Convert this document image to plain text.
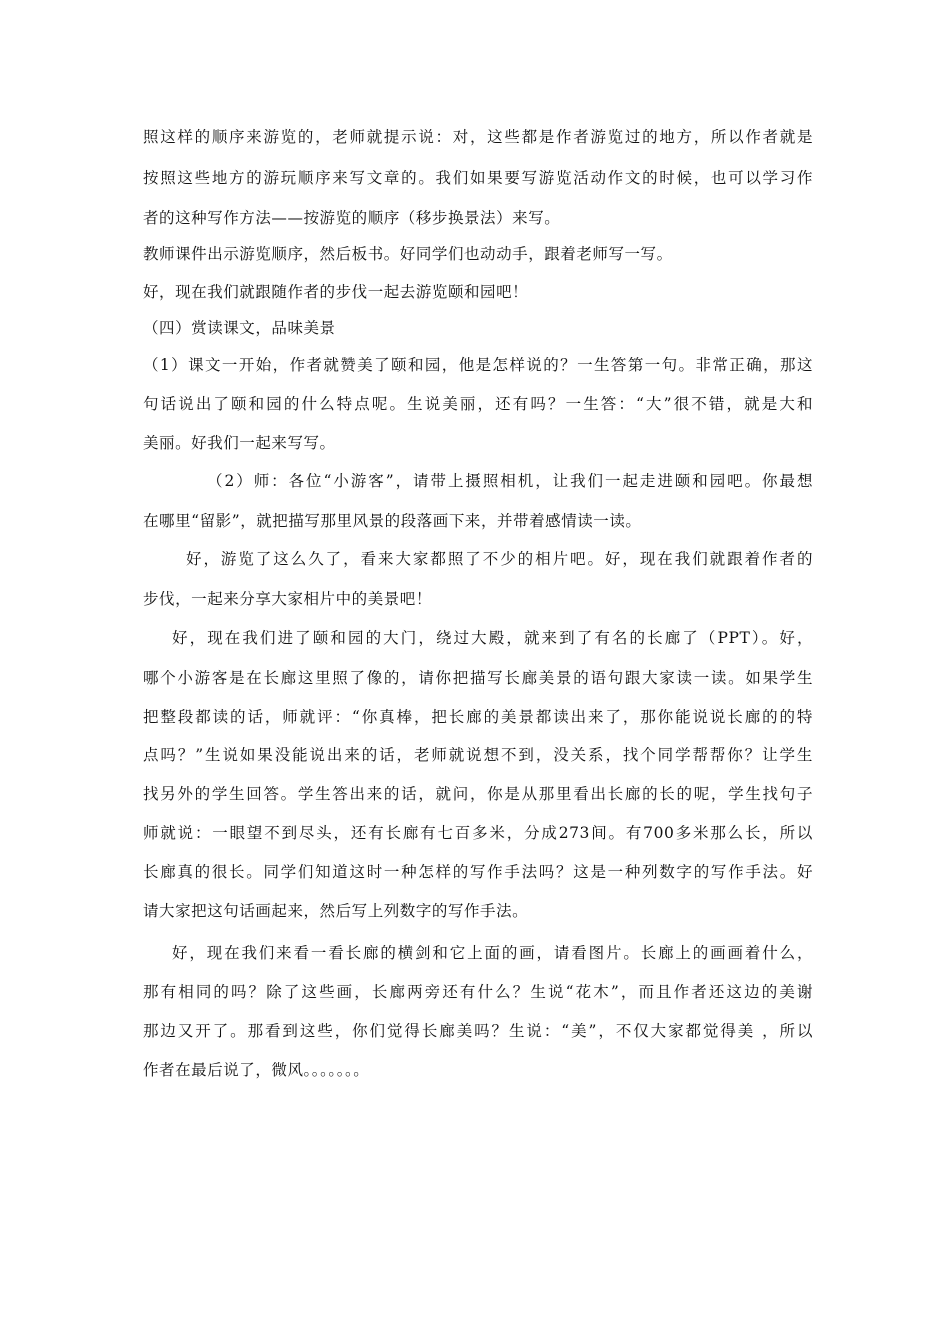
照这样的顺序来游览的，老师就提示说：对，这些都是作者游览过的地方，所以作者就是
按照这些地方的游玩顺序来写文章的。我们如果要写游览活动作文的时候，也可以学习作
者的这种写作方法——按游览的顺序（移步换景法）来写。
教师课件出示游览顺序，然后板书。好同学们也动动手，跟着老师写一写。
好，现在我们就跟随作者的步伐一起去游览颐和园吧！
（四）赏读课文，品味美景
（1）课文一开始，作者就赞美了颐和园，他是怎样说的？一生答第一句。非常正确，那这
句话说出了颐和园的什么特点呢。生说美丽，还有吗？一生答：“大”很不错，就是大和
美丽。好我们一起来写写。
（2）师：各位“小游客”，请带上摄照相机，让我们一起走进颐和园吧。你最想
在哪里“留影”，就把描写那里风景的段落画下来，并带着感情读一读。
好，游览了这么久了，看来大家都照了不少的相片吧。好，现在我们就跟着作者的
步伐，一起来分享大家相片中的美景吧！
好，现在我们进了颐和园的大门，绕过大殿，就来到了有名的长廊了（PPT）。好，
哪个小游客是在长廊这里照了像的，请你把描写长廊美景的语句跟大家读一读。如果学生
把整段都读的话，师就评：“你真棒，把长廊的美景都读出来了，那你能说说长廊的的特
点吗？”生说如果没能说出来的话，老师就说想不到，没关系，找个同学帮帮你？让学生
找另外的学生回答。学生答出来的话，就问，你是从那里看出长廊的长的呢，学生找句子
师就说：一眼望不到尽头，还有长廊有七百多米，分成273间。有700多米那么长，所以
长廊真的很长。同学们知道这时一种怎样的写作手法吗？这是一种列数字的写作手法。好
请大家把这句话画起来，然后写上列数字的写作手法。
好，现在我们来看一看长廊的横剑和它上面的画，请看图片。长廊上的画画着什么，
那有相同的吗？除了这些画，长廊两旁还有什么？生说“花木”，而且作者还这边的美谢
那边又开了。那看到这些，你们觉得长廊美吗？生说：“美”，不仅大家都觉得美 ，所以
作者在最后说了，微风。。。。。。。
